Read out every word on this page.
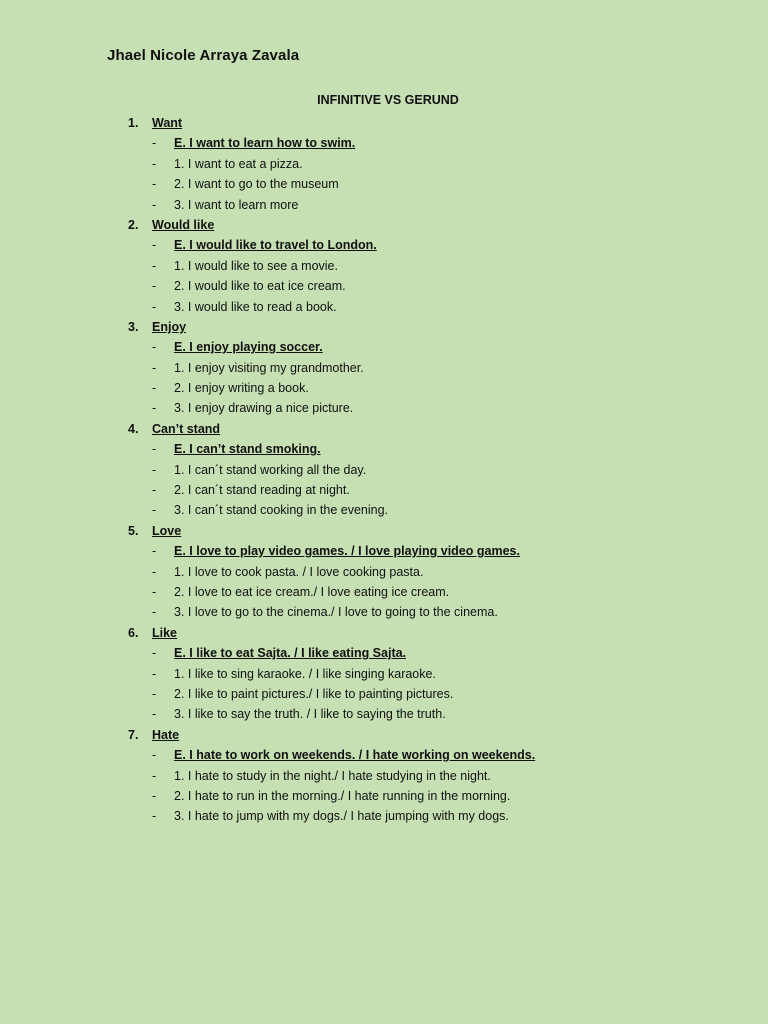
Jhael Nicole Arraya Zavala

INFINITIVE VS GERUND

1. Want
- E. I want to learn how to swim.
- 1. I want to eat a pizza.
- 2. I want to go to the museum
- 3. I want to learn more
2. Would like
- E. I would like to travel to London.
- 1. I would like to see a movie.
- 2. I would like to eat ice cream.
- 3. I would like to read a book.
3. Enjoy
- E. I enjoy playing soccer.
- 1. I enjoy visiting my grandmother.
- 2. I enjoy writing a book.
- 3. I enjoy drawing a nice picture.
4. Can’t stand
- E. I can’t stand smoking.
- 1. I can´t stand working all the day.
- 2. I can´t stand reading at night.
- 3. I can´t stand cooking in the evening.
5. Love
- E. I love to play video games. / I love playing video games.
- 1. I love to cook pasta. / I love cooking pasta.
- 2. I love to eat ice cream./ I love eating ice cream.
- 3. I love to go to the cinema./ I love to going to the cinema.
6. Like
- E. I like to eat Sajta. / I like eating Sajta.
- 1. I like to sing karaoke. / I like singing karaoke.
- 2. I like to paint pictures./ I like to painting pictures.
- 3. I like to say the truth. / I like to saying the truth.
7. Hate
- E. I hate to work on weekends. / I hate working on weekends.
- 1. I hate to study in the night./ I hate studying in the night.
- 2. I hate to run in the morning./ I hate running in the morning.
- 3. I hate to jump with my dogs./ I hate jumping with my dogs.
